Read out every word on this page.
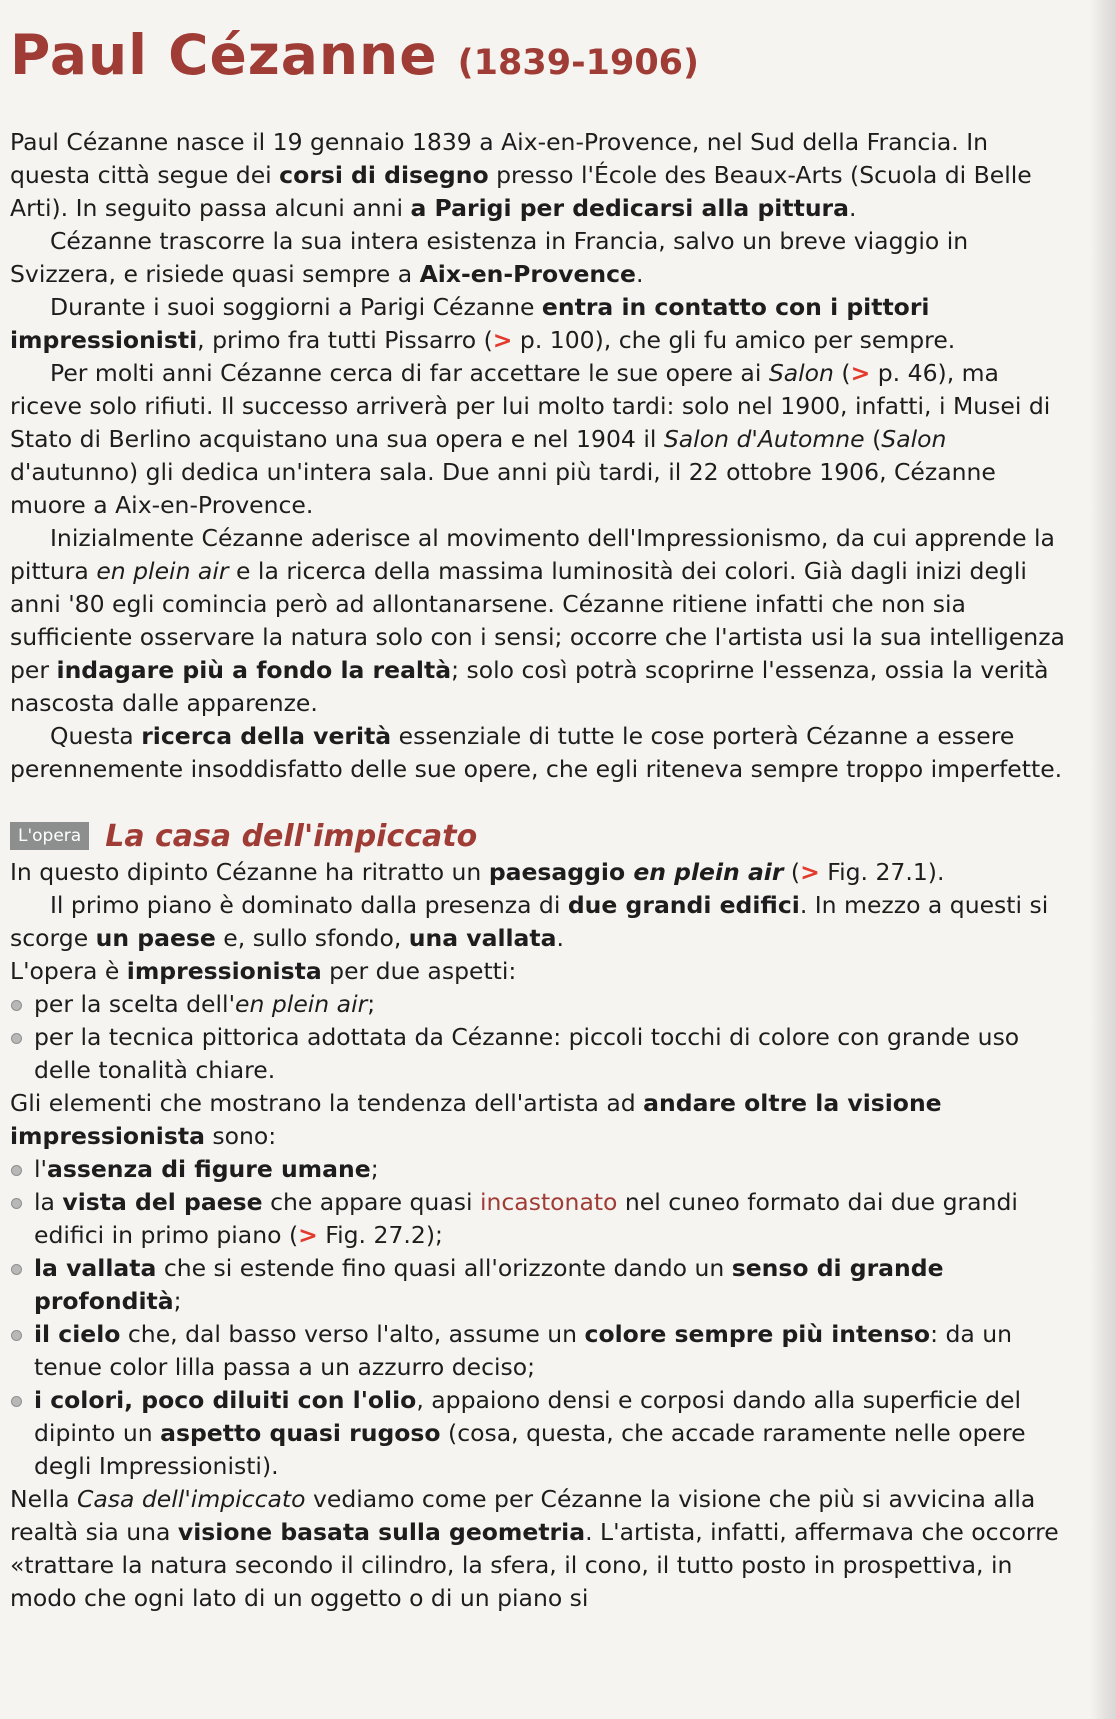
Paul Cézanne (1839-1906)

Paul Cézanne nasce il 19 gennaio 1839 a Aix-en-Provence, nel Sud della Francia. In questa città segue dei corsi di disegno presso l'École des Beaux-Arts (Scuola di Belle Arti). In seguito passa alcuni anni a Parigi per dedicarsi alla pittura.

Cézanne trascorre la sua intera esistenza in Francia, salvo un breve viaggio in Svizzera, e risiede quasi sempre a Aix-en-Provence.

Durante i suoi soggiorni a Parigi Cézanne entra in contatto con i pittori impressionisti, primo fra tutti Pissarro (> p. 100), che gli fu amico per sempre.

Per molti anni Cézanne cerca di far accettare le sue opere ai Salon (> p. 46), ma riceve solo rifiuti. Il successo arriverà per lui molto tardi: solo nel 1900, infatti, i Musei di Stato di Berlino acquistano una sua opera e nel 1904 il Salon d'Automne (Salon d'autunno) gli dedica un'intera sala. Due anni più tardi, il 22 ottobre 1906, Cézanne muore a Aix-en-Provence.

Inizialmente Cézanne aderisce al movimento dell'Impressionismo, da cui apprende la pittura en plein air e la ricerca della massima luminosità dei colori. Già dagli inizi degli anni '80 egli comincia però ad allontanarsene. Cézanne ritiene infatti che non sia sufficiente osservare la natura solo con i sensi; occorre che l'artista usi la sua intelligenza per indagare più a fondo la realtà; solo così potrà scoprirne l'essenza, ossia la verità nascosta dalle apparenze.

Questa ricerca della verità essenziale di tutte le cose porterà Cézanne a essere perennemente insoddisfatto delle sue opere, che egli riteneva sempre troppo imperfette.

L'opera La casa dell'impiccato

In questo dipinto Cézanne ha ritratto un paesaggio en plein air (> Fig. 27.1).

Il primo piano è dominato dalla presenza di due grandi edifici. In mezzo a questi si scorge un paese e, sullo sfondo, una vallata.

L'opera è impressionista per due aspetti:

per la scelta dell'en plein air;
per la tecnica pittorica adottata da Cézanne: piccoli tocchi di colore con grande uso delle tonalità chiare.

Gli elementi che mostrano la tendenza dell'artista ad andare oltre la visione impressionista sono:

l'assenza di figure umane;
la vista del paese che appare quasi incastonato nel cuneo formato dai due grandi edifici in primo piano (> Fig. 27.2);
la vallata che si estende fino quasi all'orizzonte dando un senso di grande profondità;
il cielo che, dal basso verso l'alto, assume un colore sempre più intenso: da un tenue color lilla passa a un azzurro deciso;
i colori, poco diluiti con l'olio, appaiono densi e corposi dando alla superficie del dipinto un aspetto quasi rugoso (cosa, questa, che accade raramente nelle opere degli Impressionisti).

Nella Casa dell'impiccato vediamo come per Cézanne la visione che più si avvicina alla realtà sia una visione basata sulla geometria. L'artista, infatti, affermava che occorre «trattare la natura secondo il cilindro, la sfera, il cono, il tutto posto in prospettiva, in modo che ogni lato di un oggetto o di un piano si
